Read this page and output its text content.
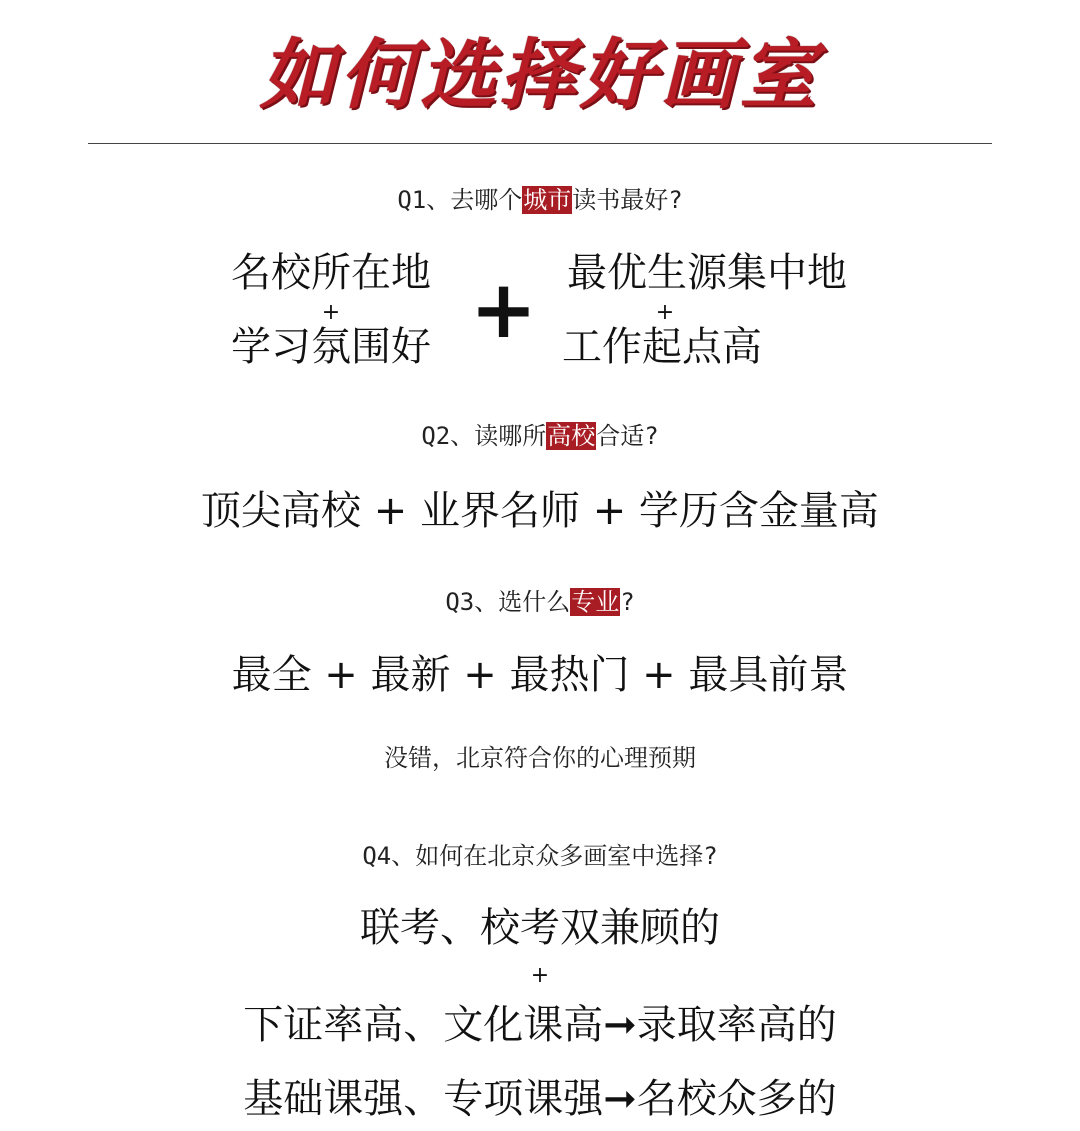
如何选择好画室
Q1、去哪个城市读书最好?
名校所在地
+
学习氛围好 + 最优生源集中地
+
工作起点高
Q2、读哪所高校合适?
顶尖高校 + 业界名师 + 学历含金量高
Q3、选什么专业?
最全 + 最新 + 最热门 + 最具前景
没错，北京符合你的心理预期
Q4、如何在北京众多画室中选择?
联考、校考双兼顾的
+
下证率高、文化课高➞录取率高的
基础课强、专项课强➞名校众多的
